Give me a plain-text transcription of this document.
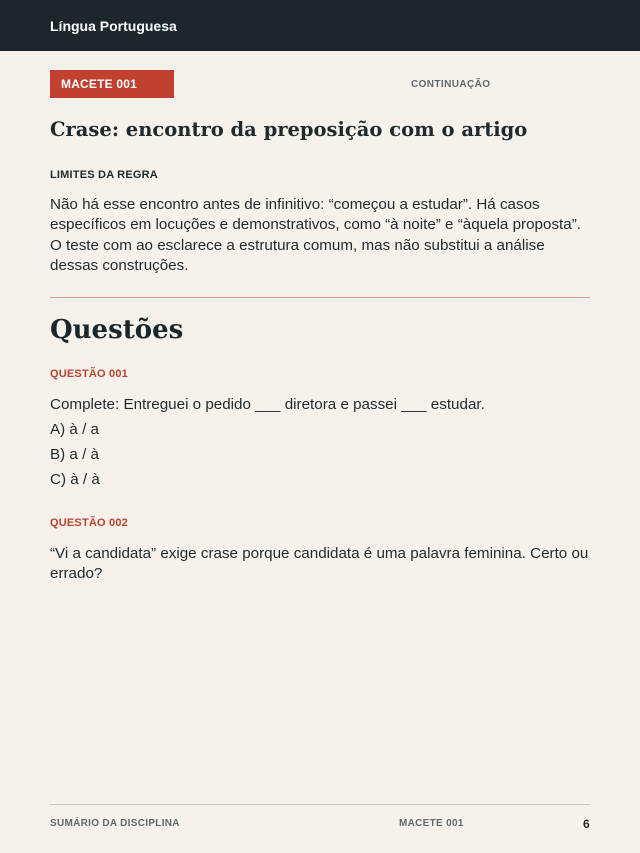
Língua Portuguesa
MACETE 001	CONTINUAÇÃO
Crase: encontro da preposição com o artigo
LIMITES DA REGRA
Não há esse encontro antes de infinitivo: “começou a estudar”. Há casos específicos em locuções e demonstrativos, como “à noite” e “àquela proposta”. O teste com ao esclarece a estrutura comum, mas não substitui a análise dessas construções.
Questões
QUESTÃO 001
Complete: Entreguei o pedido ___ diretora e passei ___ estudar.
A) à / a
B) a / à
C) à / à
QUESTÃO 002
“Vi a candidata” exige crase porque candidata é uma palavra feminina. Certo ou errado?
SUMÁRIO DA DISCIPLINA	MACETE 001	6
